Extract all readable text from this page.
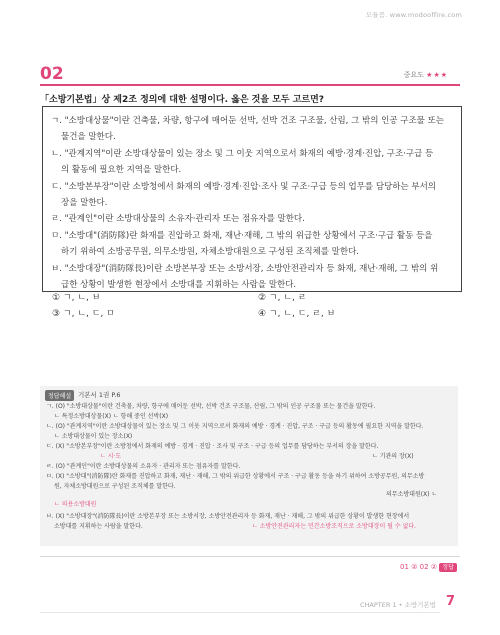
모듈꼼. www.modooffire.com
02	중요도 ★★★
「소방기본법」상 제2조 정의에 대한 설명이다. 옳은 것을 모두 고르면?

ㄱ. "소방대상물"이란 건축물, 차량, 항구에 매어둔 선박, 선박 건조 구조물, 산림, 그 밖의 인공 구조물 또는

물건을 말한다.

ㄴ. "관계지역"이란 소방대상물이 있는 장소 및 그 이웃 지역으로서 화재의 예방·경계·진압, 구조·구급 등

의 활동에 필요한 지역을 말한다.

ㄷ. "소방본부장"이란 소방청에서 화재의 예방·경계·진압·조사 및 구조·구급 등의 업무를 담당하는 부서의

장을 말한다.

ㄹ. "관계인"이란 소방대상물의 소유자·관리자 또는 점유자를 말한다.

ㅁ. "소방대"(消防隊)란 화재를 진압하고 화재, 재난·재해, 그 밖의 위급한 상황에서 구조·구급 활동 등을

하기 위하여 소방공무원, 의무소방원, 자체소방대원으로 구성된 조직체를 말한다.

ㅂ. "소방대장"(消防隊長)이란 소방본부장 또는 소방서장, 소방안전관리자 등 화재, 재난·재해, 그 밖의 위

급한 상황이 발생한 현장에서 소방대를 지휘하는 사람을 말한다.

① ㄱ, ㄴ, ㅂ	② ㄱ, ㄴ, ㄹ
③ ㄱ, ㄴ, ㄷ, ㅁ	④ ㄱ, ㄴ, ㄷ, ㄹ, ㅂ
정답해설	기본서 1권 P.6

ㄱ. (O) "소방대상물"이란 건축물, 차량, 항구에 매어둔 선박, 선박 건조 구조물, 산림, 그 밖의 인공 구조물 또는 물건을 말한다.

ㄴ 특정소방대상물(X) ㄴ 항해 중인 선박(X)

ㄴ. (O) "관계지역"이란 소방대상물이 있는 장소 및 그 이웃 지역으로서 화재의 예방 · 경계 · 진압, 구조 · 구급 등의 활동에 필요한 지역을 말한다.

ㄴ 소방대상물이 있는 장소(X)

ㄷ. (X) "소방본부장"이란 소방청에서 화재의 예방 · 경계 · 진압 · 조사 및 구조 · 구급 등의 업무를 담당하는 부서의 장을 말한다.

ㄴ 시·도	ㄴ 기관의 장(X)

ㄹ. (O) "관계인"이란 소방대상물의 소유자 · 관리자 또는 점유자를 말한다.

ㅁ. (X) "소방대"(消防隊)란 화재를 진압하고 화재, 재난 · 재해, 그 밖의 위급한 상황에서 구조 · 구급 활동 등을 하기 위하여 소방공무원, 의무소방

원, 자체소방대원으로 구성된 조직체를 말한다.

의무소방대원(X) ㄴ

ㄴ 의용소방대원

ㅂ. (X) "소방대장"(消防隊長)이란 소방본부장 또는 소방서장, 소방안전관리자 등 화재, 재난 · 재해, 그 밖의 위급한 상황이 발생한 현장에서

소방대를 지휘하는 사람을 말한다.	ㄴ 소방안전관리자는 민간소방조직으로 소방대장이 될 수 없다.

01 ② 02 ② 정답
CHAPTER 1 • 소방기본법 7
